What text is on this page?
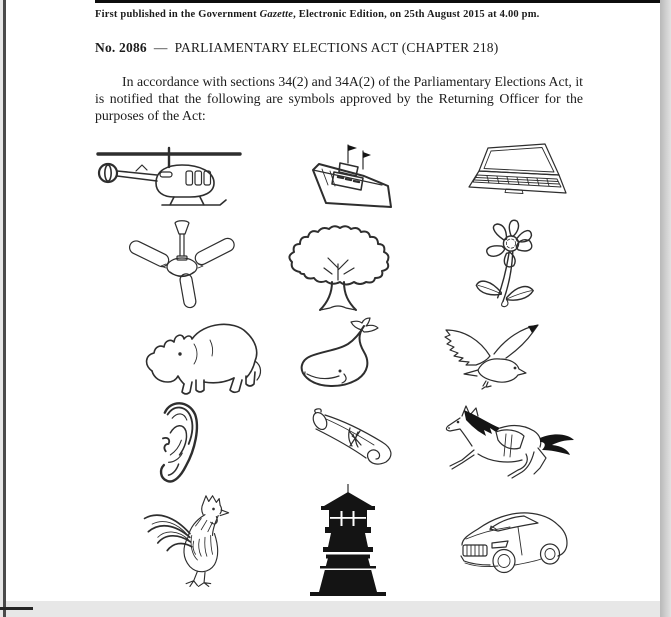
First published in the Government Gazette, Electronic Edition, on 25th August 2015 at 4.00 pm.

No. 2086 — PARLIAMENTARY ELECTIONS ACT (CHAPTER 218)

In accordance with sections 34(2) and 34A(2) of the Parliamentary Elections Act, it is notified that the following are symbols approved by the Returning Officer for the purposes of the Act:
